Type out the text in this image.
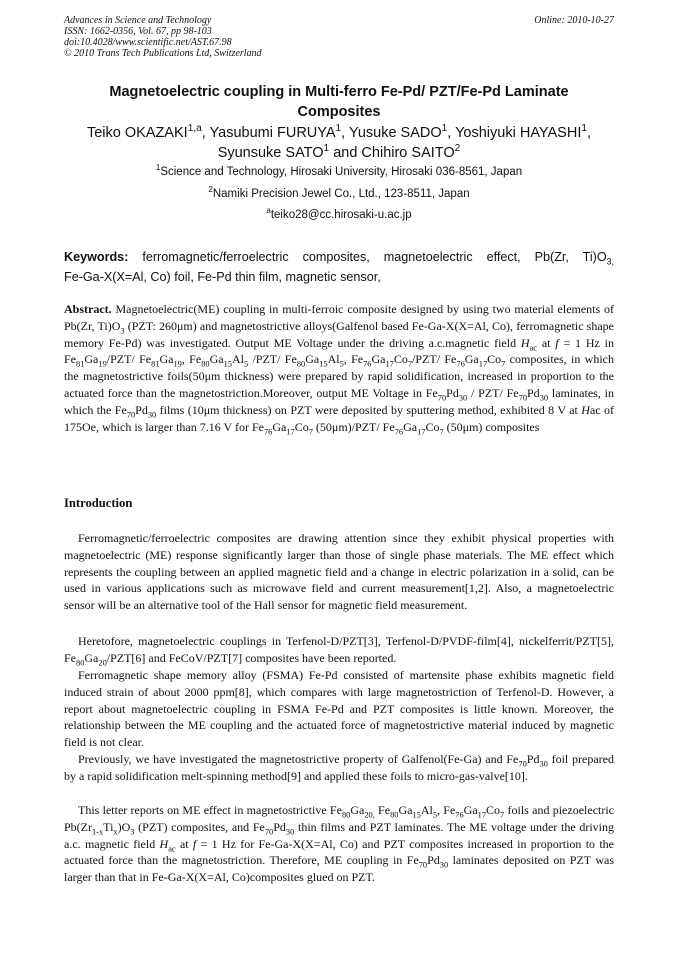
Advances in Science and Technology
ISSN: 1662-0356, Vol. 67, pp 98-103
doi:10.4028/www.scientific.net/AST.67.98
© 2010 Trans Tech Publications Ltd, Switzerland
Online: 2010-10-27
Magnetoelectric coupling in Multi-ferro Fe-Pd/ PZT/Fe-Pd Laminate
Composites
Teiko OKAZAKI$^{1,a}$, Yasubumi FURUYA$^1$, Yusuke SADO$^1$, Yoshiyuki HAYASHI$^1$,
Syunsuke SATO$^1$ and Chihiro SAITO$^2$
$^1$Science and Technology, Hirosaki University, Hirosaki 036-8561, Japan
$^2$Namiki Precision Jewel Co., Ltd., 123-8511, Japan
$^a$teiko28@cc.hirosaki-u.ac.jp
Keywords: ferromagnetic/ferroelectric composites, magnetoelectric effect, Pb(Zr, $Ti)O_{3,}$
Fe-Ga-X(X=Al, Co) foil, Fe-Pd thin film, magnetic sensor,
Abstract. Magnetoelectric(ME) coupling in multi-ferroic composite designed by using two material elements of Pb(Zr, $Ti)O_3$ (PZT: 260μm) and magnetostrictive alloys(Galfenol based Fe-Ga-X(X=Al, Co), ferromagnetic shape memory Fe-Pd) was investigated. Output ME Voltage under the driving a.c.magnetic field $H_{ac}$ at f = 1 Hz in $Fe_{81}Ga_{19}/PZT/$ $Fe_{81}Ga_{19}$, $Fe_{80}Ga_{15}Al_5$ /PZT/ $Fe_{80}Ga_{15}Al_5$, $Fe_{76}Ga_{17}Co_7/PZT/$ $Fe_{76}Ga_{17}Co_7$ composites, in which the magnetostrictive foils(50μm thickness) were prepared by rapid solidification, increased in proportion to the actuated force than the magnetostriction.Moreover, output ME Voltage in $Fe_{70}Pd_{30} / PZT/$ $Fe_{70}Pd_{30}$ laminates, in which the $Fe_{70}Pd_{30}$ films (10μm thickness) on PZT were deposited by sputtering method, exhibited 8 V at Hac of 175Oe, which is larger than 7.16 V for $Fe_{76}Ga_{17}Co_7$ (50μm)/PZT/ $Fe_{76}Ga_{17}Co_7$ (50μm) composites
Introduction
Ferromagnetic/ferroelectric composites are drawing attention since they exhibit physical properties with magnetoelectric (ME) response significantly larger than those of single phase materials. The ME effect which represents the coupling between an applied magnetic field and a change in electric polarization in a solid, can be used in various applications such as microwave field and current measurement[1,2]. Also, a magnetoelectric sensor will be an alternative tool of the Hall sensor for magnetic field measurement.
Heretofore, magnetoelectric couplings in Terfenol-D/PZT[3], Terfenol-D/PVDF-film[4], nickelferrit/PZT[5], $Fe_{80}Ga_{20}/PZT[6]$ and FeCoV/PZT[7] composites have been reported.
Ferromagnetic shape memory alloy (FSMA) Fe-Pd consisted of martensite phase exhibits magnetic field induced strain of about 2000 ppm[8], which compares with large magnetostriction of Terfenol-D. However, a report about magnetoelectric coupling in FSMA Fe-Pd and PZT composites is little known. Moreover, the relationship between the ME coupling and the actuated force of magnetostrictive material induced by magnetic field is not clear.
Previously, we have investigated the magnetostrictive property of Galfenol(Fe-Ga) and $Fe_{70}Pd_{30}$ foil prepared by a rapid solidification melt-spinning method[9] and applied these foils to micro-gas-valve[10].
This letter reports on ME effect in magnetostrictive $Fe_{80}Ga_{20,}$ $Fe_{80}Ga_{15}Al_5$, $Fe_{76}Ga_{17}Co_7$ foils and piezoelectric $Pb(Zr_{1-x}Ti_x)O_3$ (PZT) composites, and $Fe_{70}Pd_{30}$ thin films and PZT laminates. The ME voltage under the driving a.c. magnetic field $H_{ac}$ at f = 1 Hz for Fe-Ga-X(X=Al, Co) and PZT composites increased in proportion to the actuated force than the magnetostriction. Therefore, ME coupling in $Fe_{70}Pd_{30}$ laminates deposited on PZT was larger than that in Fe-Ga-X(X=Al, Co)composites glued on PZT.
